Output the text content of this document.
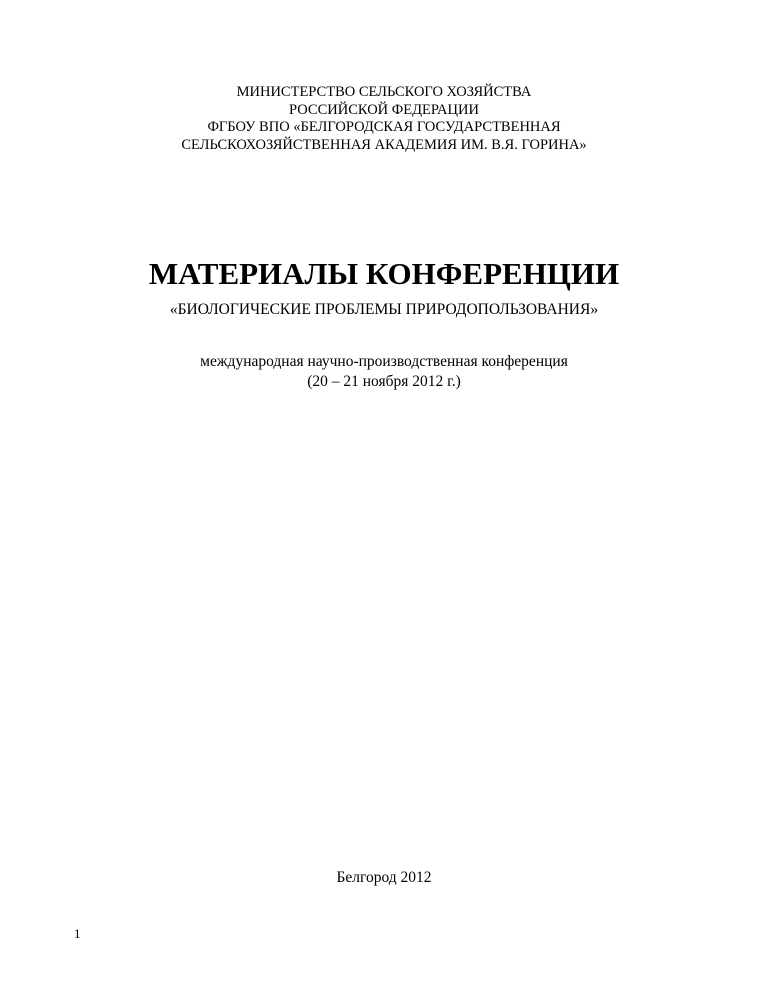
МИНИСТЕРСТВО СЕЛЬСКОГО ХОЗЯЙСТВА
РОССИЙСКОЙ ФЕДЕРАЦИИ
ФГБОУ ВПО «БЕЛГОРОДСКАЯ ГОСУДАРСТВЕННАЯ
СЕЛЬСКОХОЗЯЙСТВЕННАЯ АКАДЕМИЯ ИМ. В.Я. ГОРИНА»
МАТЕРИАЛЫ КОНФЕРЕНЦИИ
«БИОЛОГИЧЕСКИЕ ПРОБЛЕМЫ ПРИРОДОПОЛЬЗОВАНИЯ»
международная научно-производственная конференция
(20 – 21 ноября 2012 г.)
Белгород 2012
1
